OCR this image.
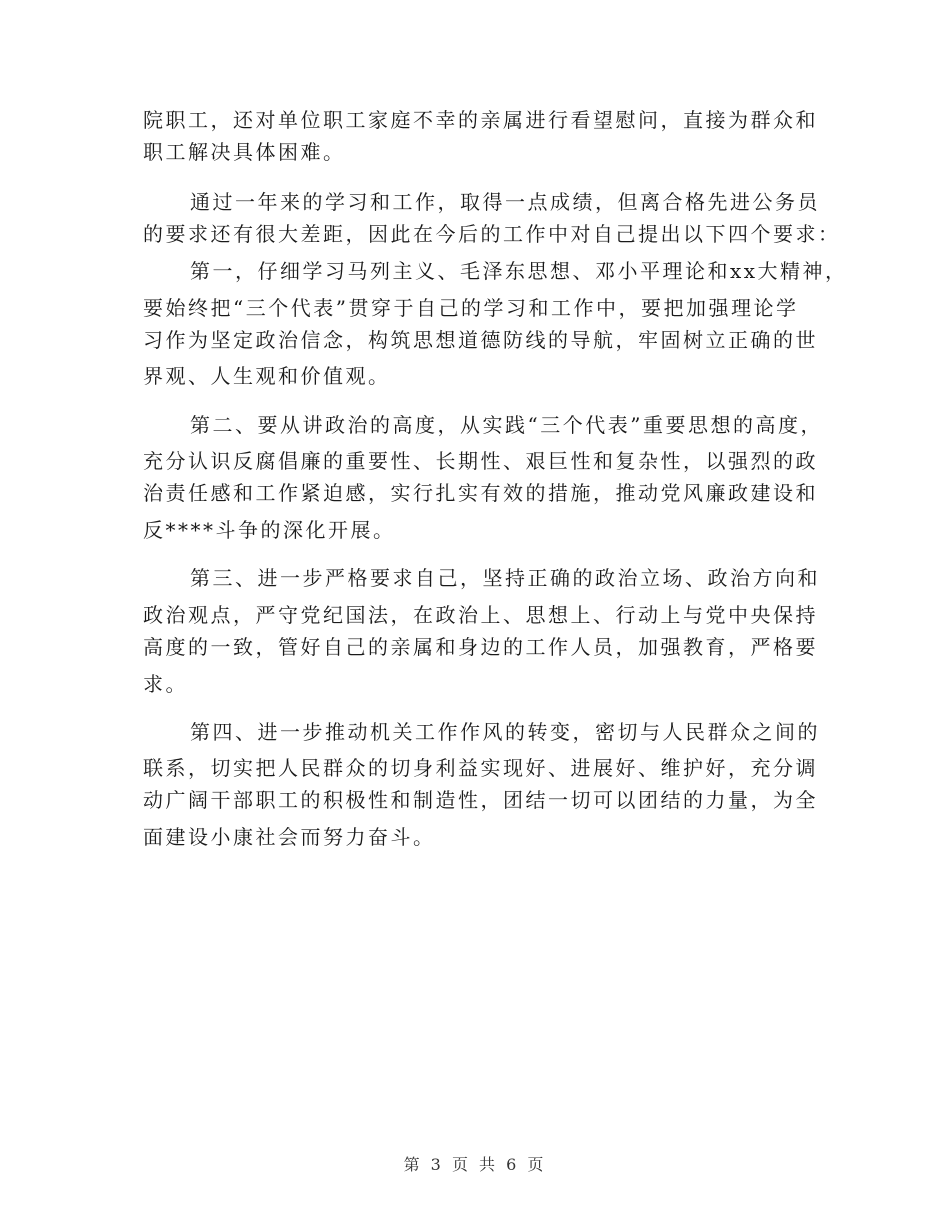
院职工，还对单位职工家庭不幸的亲属进行看望慰问，直接为群众和
职工解决具体困难。
通过一年来的学习和工作，取得一点成绩，但离合格先进公务员
的要求还有很大差距，因此在今后的工作中对自己提出以下四个要求：
第一，仔细学习马列主义、毛泽东思想、邓小平理论和xx大精神，
要始终把“三个代表”贯穿于自己的学习和工作中，要把加强理论学
习作为坚定政治信念，构筑思想道德防线的导航，牢固树立正确的世
界观、人生观和价值观。
第二、要从讲政治的高度，从实践“三个代表”重要思想的高度，
充分认识反腐倡廉的重要性、长期性、艰巨性和复杂性，以强烈的政
治责任感和工作紧迫感，实行扎实有效的措施，推动党风廉政建设和
反****斗争的深化开展。
第三、进一步严格要求自己，坚持正确的政治立场、政治方向和
政治观点，严守党纪国法，在政治上、思想上、行动上与党中央保持
高度的一致，管好自己的亲属和身边的工作人员，加强教育，严格要
求。
第四、进一步推动机关工作作风的转变，密切与人民群众之间的
联系，切实把人民群众的切身利益实现好、进展好、维护好，充分调
动广阔干部职工的积极性和制造性，团结一切可以团结的力量，为全
面建设小康社会而努力奋斗。
第 3 页 共 6 页
